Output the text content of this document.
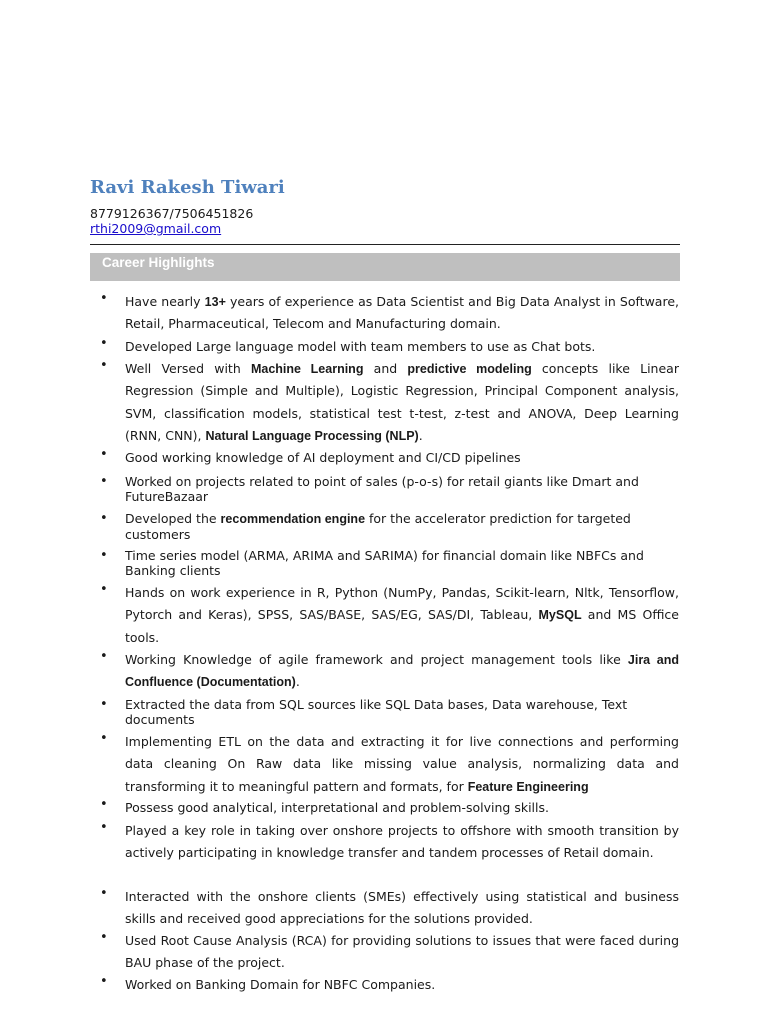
Ravi Rakesh Tiwari
8779126367/7506451826
rthi2009@gmail.com
Career Highlights
• Have nearly 13+ years of experience as Data Scientist and Big Data Analyst in Software, Retail, Pharmaceutical, Telecom and Manufacturing domain.
• Developed Large language model with team members to use as Chat bots.
• Well Versed with Machine Learning and predictive modeling concepts like Linear Regression (Simple and Multiple), Logistic Regression, Principal Component analysis, SVM, classification models, statistical test t-test, z-test and ANOVA, Deep Learning (RNN, CNN), Natural Language Processing (NLP).
• Good working knowledge of AI deployment and CI/CD pipelines
• Worked on projects related to point of sales (p-o-s) for retail giants like Dmart and FutureBazaar
• Developed the recommendation engine for the accelerator prediction for targeted customers
• Time series model (ARMA, ARIMA and SARIMA) for financial domain like NBFCs and Banking clients
• Hands on work experience in R, Python (NumPy, Pandas, Scikit-learn, Nltk, Tensorflow, Pytorch and Keras), SPSS, SAS/BASE, SAS/EG, SAS/DI, Tableau, MySQL and MS Office tools.
• Working Knowledge of agile framework and project management tools like Jira and Confluence (Documentation).
• Extracted the data from SQL sources like SQL Data bases, Data warehouse, Text documents
• Implementing ETL on the data and extracting it for live connections and performing data cleaning On Raw data like missing value analysis, normalizing data and transforming it to meaningful pattern and formats, for Feature Engineering
• Possess good analytical, interpretational and problem-solving skills.
• Played a key role in taking over onshore projects to offshore with smooth transition by actively participating in knowledge transfer and tandem processes of Retail domain.
• Interacted with the onshore clients (SMEs) effectively using statistical and business skills and received good appreciations for the solutions provided.
• Used Root Cause Analysis (RCA) for providing solutions to issues that were faced during BAU phase of the project.
• Worked on Banking Domain for NBFC Companies.
